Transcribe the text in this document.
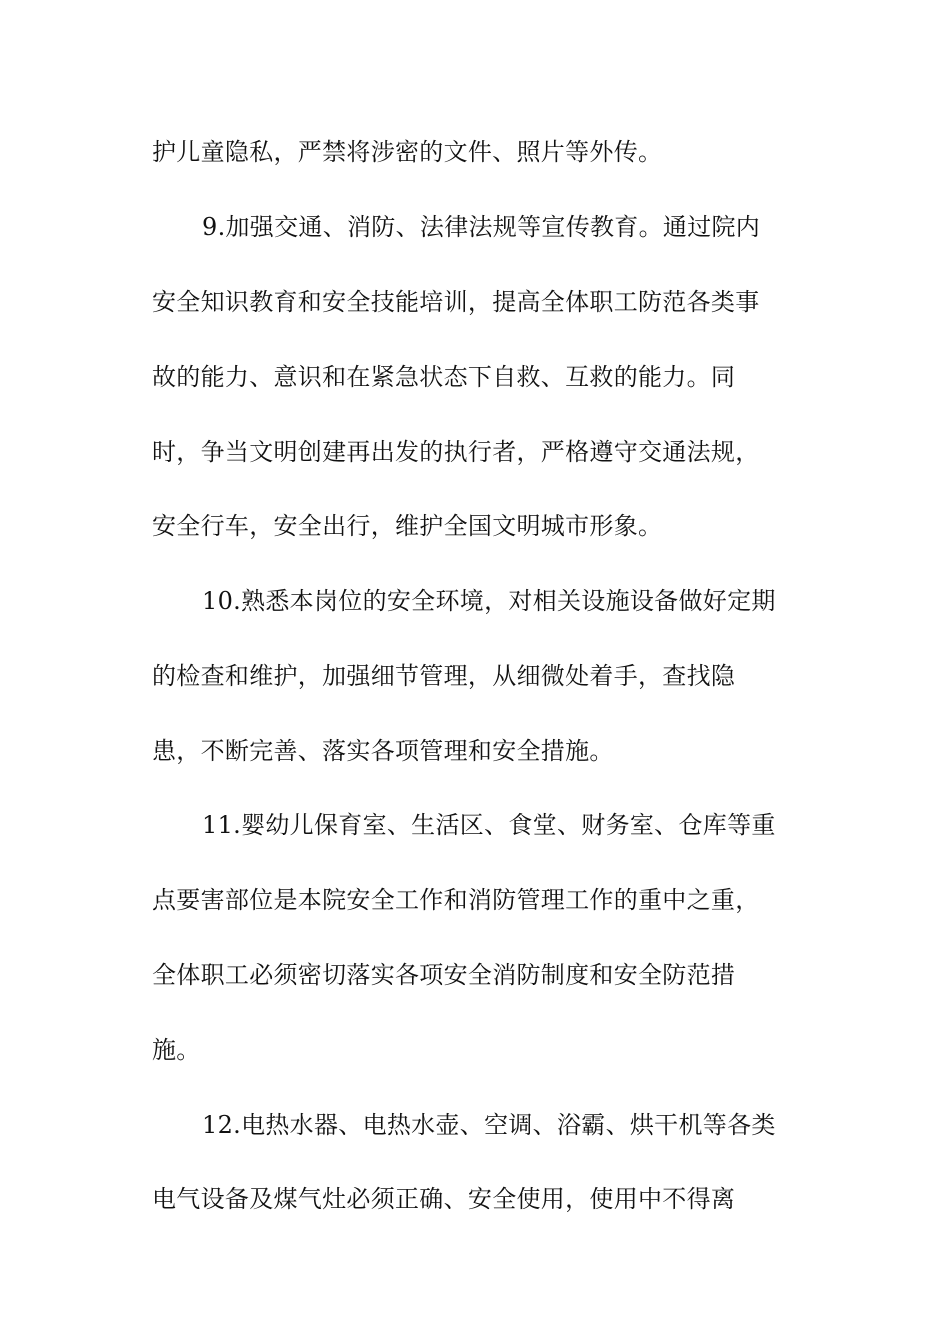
护儿童隐私，严禁将涉密的文件、照片等外传。
9.加强交通、消防、法律法规等宣传教育。通过院内
安全知识教育和安全技能培训，提高全体职工防范各类事
故的能力、意识和在紧急状态下自救、互救的能力。同
时，争当文明创建再出发的执行者，严格遵守交通法规，
安全行车，安全出行，维护全国文明城市形象。
10.熟悉本岗位的安全环境，对相关设施设备做好定期
的检查和维护，加强细节管理，从细微处着手，查找隐
患，不断完善、落实各项管理和安全措施。
11.婴幼儿保育室、生活区、食堂、财务室、仓库等重
点要害部位是本院安全工作和消防管理工作的重中之重，
全体职工必须密切落实各项安全消防制度和安全防范措
施。
12.电热水器、电热水壶、空调、浴霸、烘干机等各类
电气设备及煤气灶必须正确、安全使用，使用中不得离
